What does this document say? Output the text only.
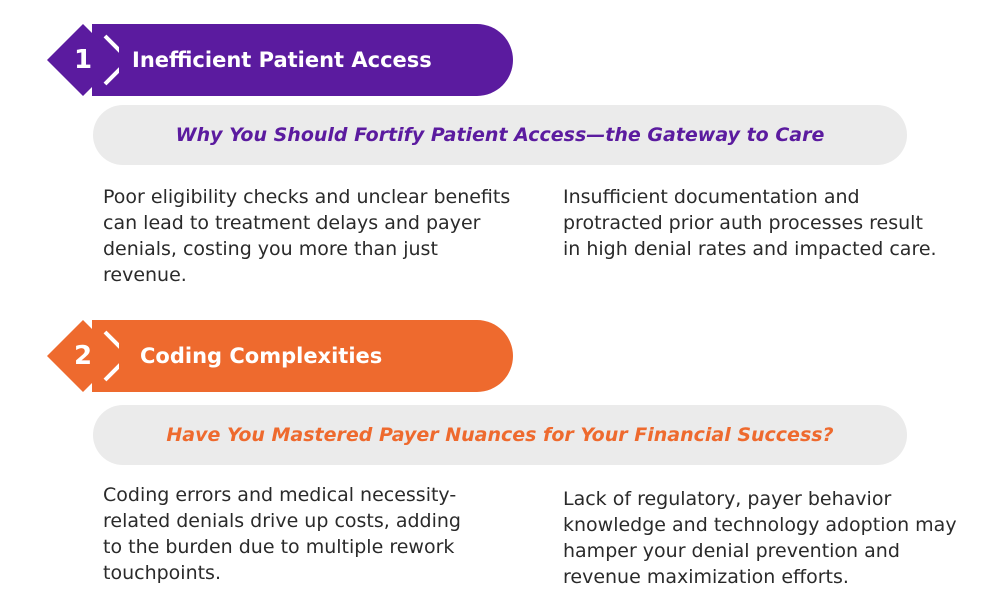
Inefficient Patient Access
1
Why You Should Fortify Patient Access—the Gateway to Care
Poor eligibility checks and unclear benefits can lead to treatment delays and payer denials, costing you more than just revenue.
Insufficient documentation and protracted prior auth processes result in high denial rates and impacted care.
Coding Complexities
2
Have You Mastered Payer Nuances for Your Financial Success?
Coding errors and medical necessity-related denials drive up costs, adding to the burden due to multiple rework touchpoints.
Lack of regulatory, payer behavior knowledge and technology adoption may hamper your denial prevention and revenue maximization efforts.
